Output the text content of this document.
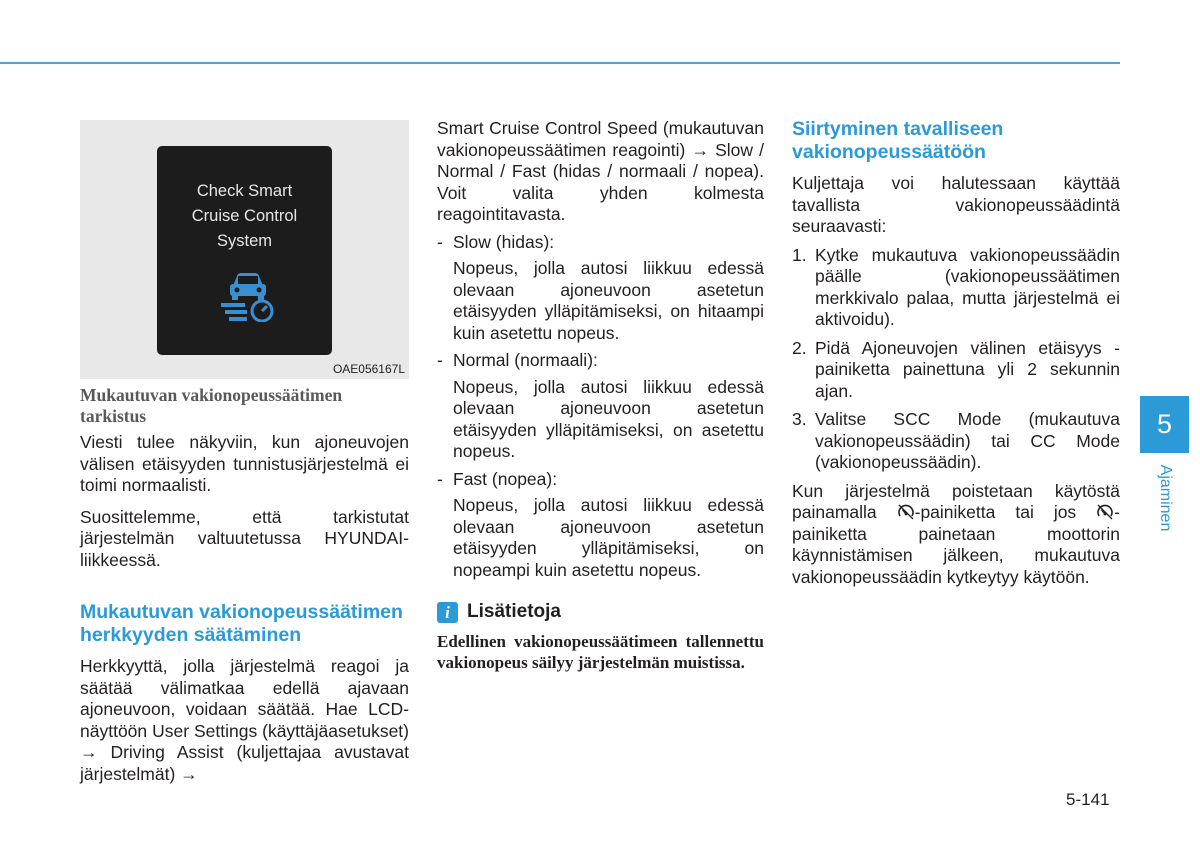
Check Smart
Cruise Control
System
OAE056167L
Mukautuvan vakionopeussäätimen tarkistus

Viesti tulee näkyviin, kun ajoneuvojen välisen etäisyyden tunnistusjärjestelmä ei toimi normaalisti.

Suosittelemme, että tarkistutat järjestelmän valtuutetussa HYUNDAI-liikkeessä.

Mukautuvan vakionopeussäätimen herkkyyden säätäminen

Herkkyyttä, jolla järjestelmä reagoi ja säätää välimatkaa edellä ajavaan ajoneuvoon, voidaan säätää. Hae LCD-näyttöön User Settings (käyttäjäasetukset) → Driving Assist (kuljettajaa avustavat järjestelmät) →

Smart Cruise Control Speed (mukautuvan vakionopeussäätimen reagointi) → Slow / Normal / Fast (hidas / normaali / nopea). Voit valita yhden kolmesta reagointitavasta.

- Slow (hidas):

Nopeus, jolla autosi liikkuu edessä olevaan ajoneuvoon asetetun etäisyyden ylläpitämiseksi, on hitaampi kuin asetettu nopeus.

- Normal (normaali):

Nopeus, jolla autosi liikkuu edessä olevaan ajoneuvoon asetetun etäisyyden ylläpitämiseksi, on asetettu nopeus.

- Fast (nopea):

Nopeus, jolla autosi liikkuu edessä olevaan ajoneuvoon asetetun etäisyyden ylläpitämiseksi, on nopeampi kuin asetettu nopeus.

i Lisätietoja

Edellinen vakionopeussäätimeen tallennettu vakionopeus säilyy järjestelmän muistissa.

Siirtyminen tavalliseen vakionopeussäätöön

Kuljettaja voi halutessaan käyttää tavallista vakionopeussäädintä seuraavasti:

1. Kytke mukautuva vakionopeussäädin päälle (vakionopeussäätimen merkkivalo palaa, mutta järjestelmä ei aktivoidu).
2. Pidä Ajoneuvojen välinen etäisyys -painiketta painettuna yli 2 sekunnin ajan.
3. Valitse SCC Mode (mukautuva vakionopeussäädin) tai CC Mode (vakionopeussäädin).

Kun järjestelmä poistetaan käytöstä painamalla -painiketta tai jos -painiketta painetaan moottorin käynnistämisen jälkeen, mukautuva vakionopeussäädin kytkeytyy käytöön.

5
Ajaminen
5-141
